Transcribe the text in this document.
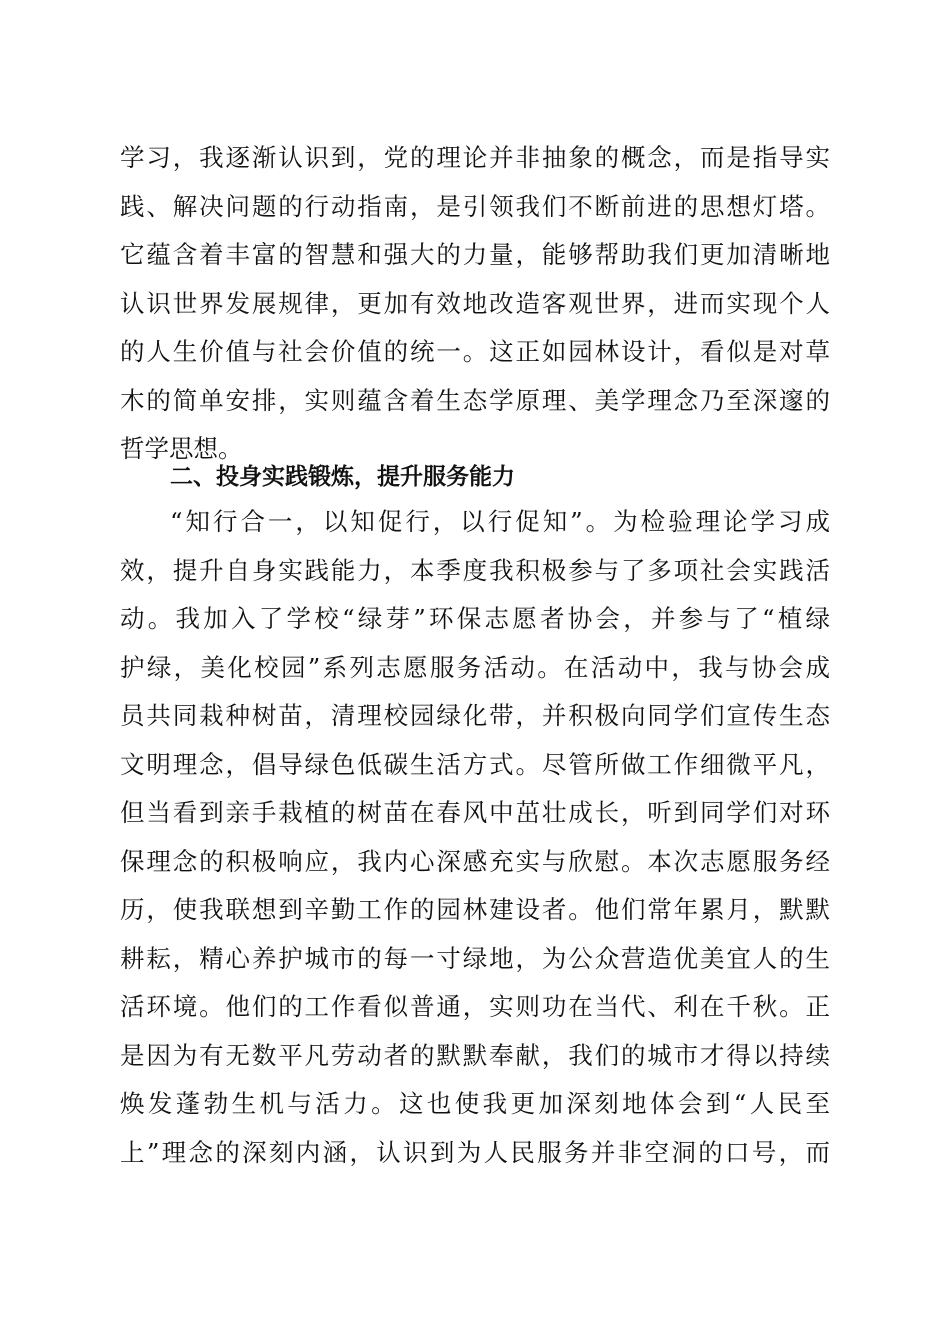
学习，我逐渐认识到，党的理论并非抽象的概念，而是指导实
践、解决问题的行动指南，是引领我们不断前进的思想灯塔。
它蕴含着丰富的智慧和强大的力量，能够帮助我们更加清晰地
认识世界发展规律，更加有效地改造客观世界，进而实现个人
的人生价值与社会价值的统一。这正如园林设计，看似是对草
木的简单安排，实则蕴含着生态学原理、美学理念乃至深邃的
哲学思想。
二、投身实践锻炼，提升服务能力
“知行合一，以知促行，以行促知”。为检验理论学习成
效，提升自身实践能力，本季度我积极参与了多项社会实践活
动。我加入了学校“绿芽”环保志愿者协会，并参与了“植绿
护绿，美化校园”系列志愿服务活动。在活动中，我与协会成
员共同栽种树苗，清理校园绿化带，并积极向同学们宣传生态
文明理念，倡导绿色低碳生活方式。尽管所做工作细微平凡，
但当看到亲手栽植的树苗在春风中茁壮成长，听到同学们对环
保理念的积极响应，我内心深感充实与欣慰。本次志愿服务经
历，使我联想到辛勤工作的园林建设者。他们常年累月，默默
耕耘，精心养护城市的每一寸绿地，为公众营造优美宜人的生
活环境。他们的工作看似普通，实则功在当代、利在千秋。正
是因为有无数平凡劳动者的默默奉献，我们的城市才得以持续
焕发蓬勃生机与活力。这也使我更加深刻地体会到“人民至
上”理念的深刻内涵，认识到为人民服务并非空洞的口号，而
